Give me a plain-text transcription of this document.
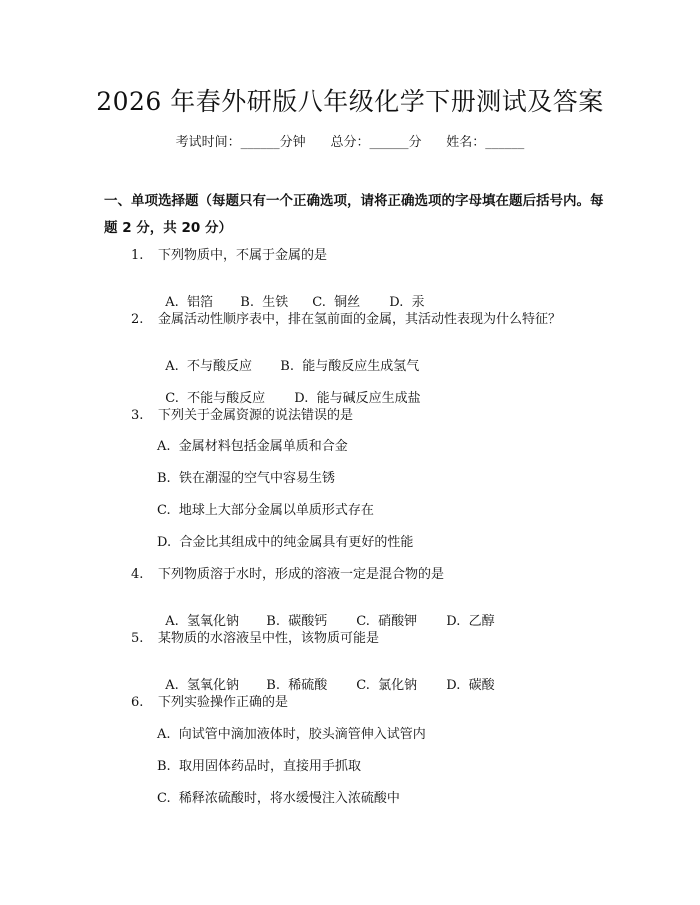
2026 年春外研版八年级化学下册测试及答案
考试时间：______分钟 总分：______分 姓名：______
一、单项选择题（每题只有一个正确选项，请将正确选项的字母填在题后括号内。每题 2 分，共 20 分）
1. 下列物质中，不属于金属的是

A.  铝箔 B.  生铁 C.  铜丝 D.  汞

2. 金属活动性顺序表中，排在氢前面的金属，其活动性表现为什么特征？

A.  不与酸反应 B.  能与酸反应生成氢气

C.  不能与酸反应 D.  能与碱反应生成盐

3. 下列关于金属资源的说法错误的是
A.  金属材料包括金属单质和合金
B.  铁在潮湿的空气中容易生锈
C.  地球上大部分金属以单质形式存在
D.  合金比其组成中的纯金属具有更好的性能
4. 下列物质溶于水时，形成的溶液一定是混合物的是

A.  氢氧化钠 B.  碳酸钙 C.  硝酸钾 D.  乙醇

5. 某物质的水溶液呈中性，该物质可能是

A.  氢氧化钠 B.  稀硫酸 C.  氯化钠 D.  碳酸

6. 下列实验操作正确的是
A.  向试管中滴加液体时，胶头滴管伸入试管内
B.  取用固体药品时，直接用手抓取
C.  稀释浓硫酸时，将水缓慢注入浓硫酸中
